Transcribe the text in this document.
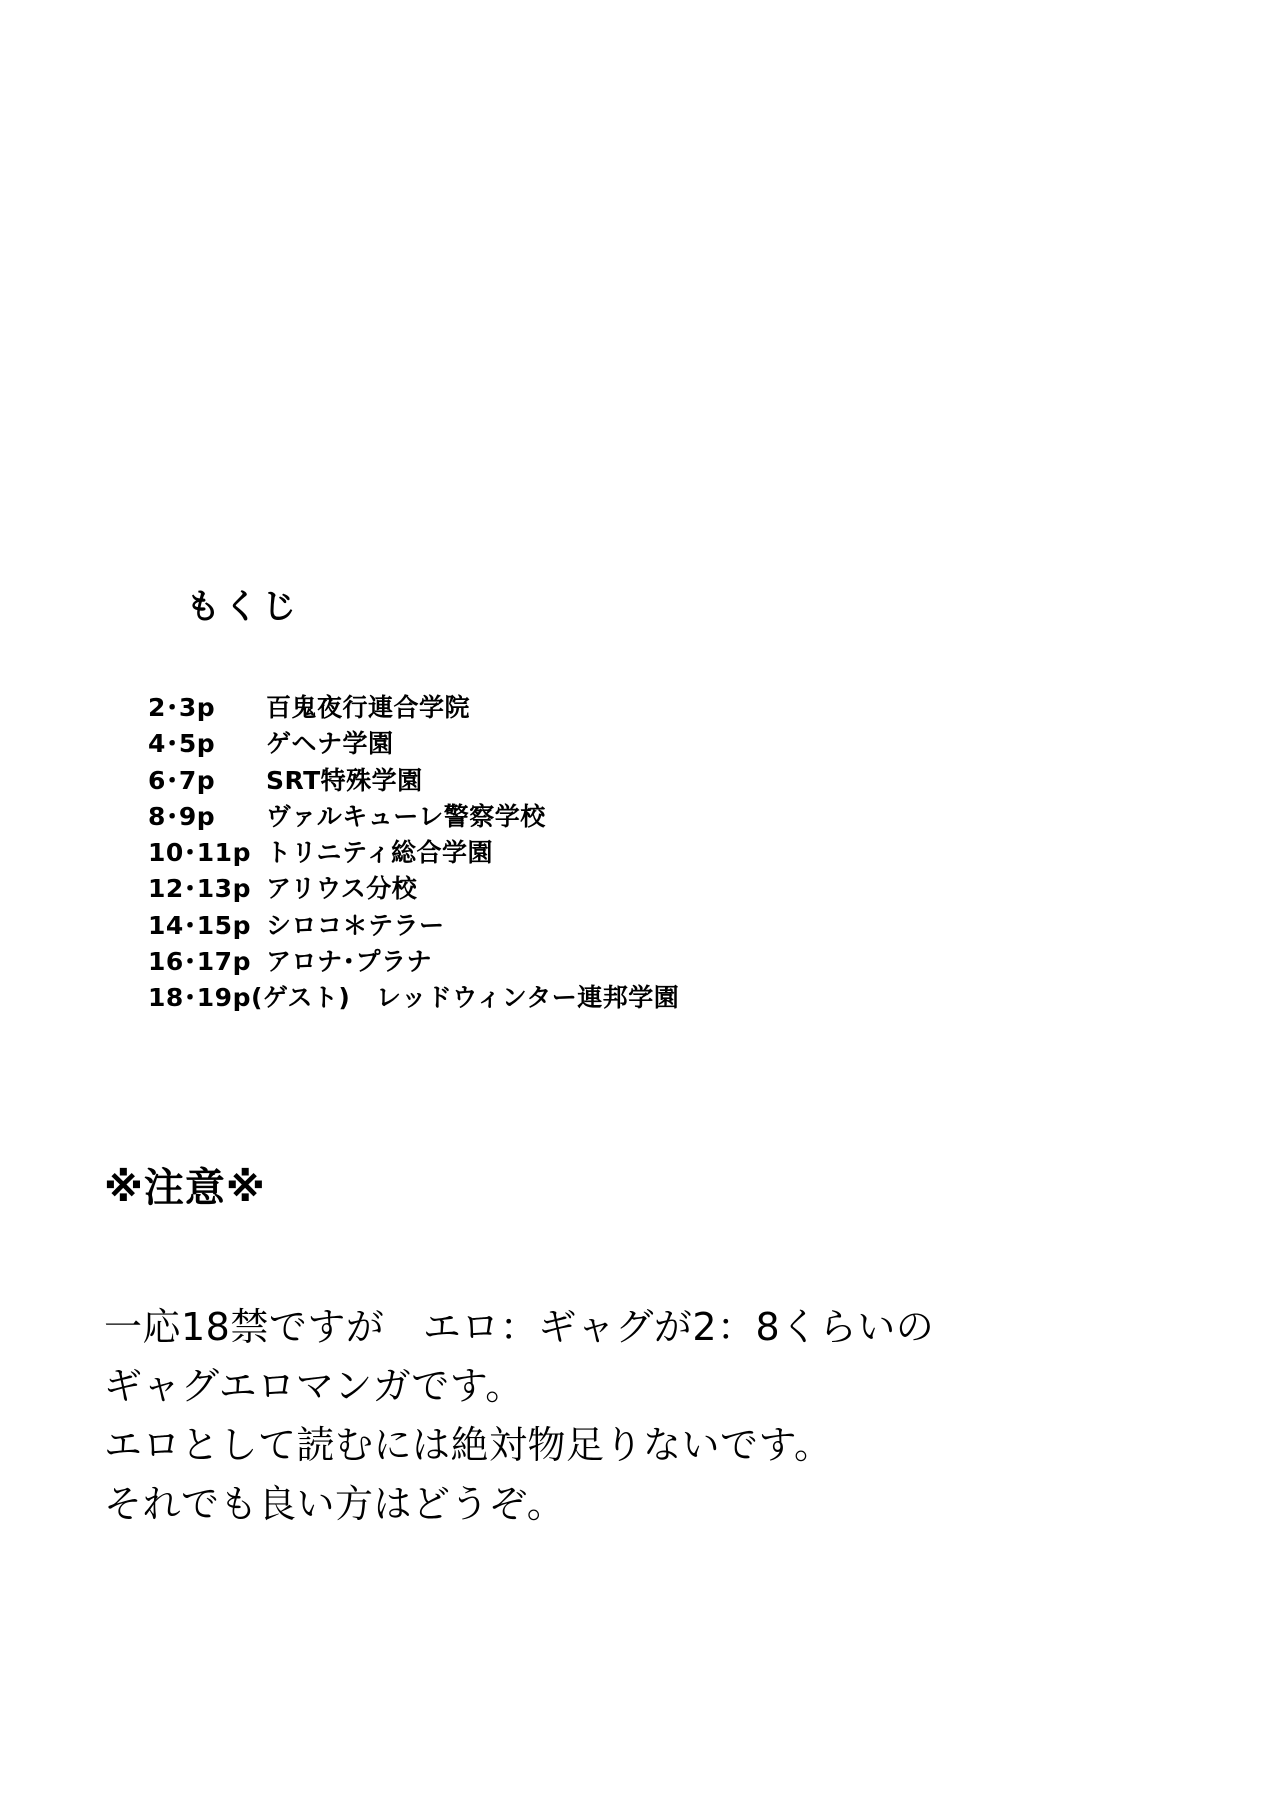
もくじ
2･3p	百鬼夜行連合学院
4･5p	ゲヘナ学園
6･7p	SRT特殊学園
8･9p	ヴァルキューレ警察学校
10･11p トリニティ総合学園
12･13p アリウス分校
14･15p シロコ＊テラー
16･17p アロナ･プラナ
18･19p(ゲスト)	レッドウィンター連邦学園
※注意※

一応18禁ですが　エロ：ギャグが2：8くらいの

ギャグエロマンガです。

エロとして読むには絶対物足りないです。

それでも良い方はどうぞ。
